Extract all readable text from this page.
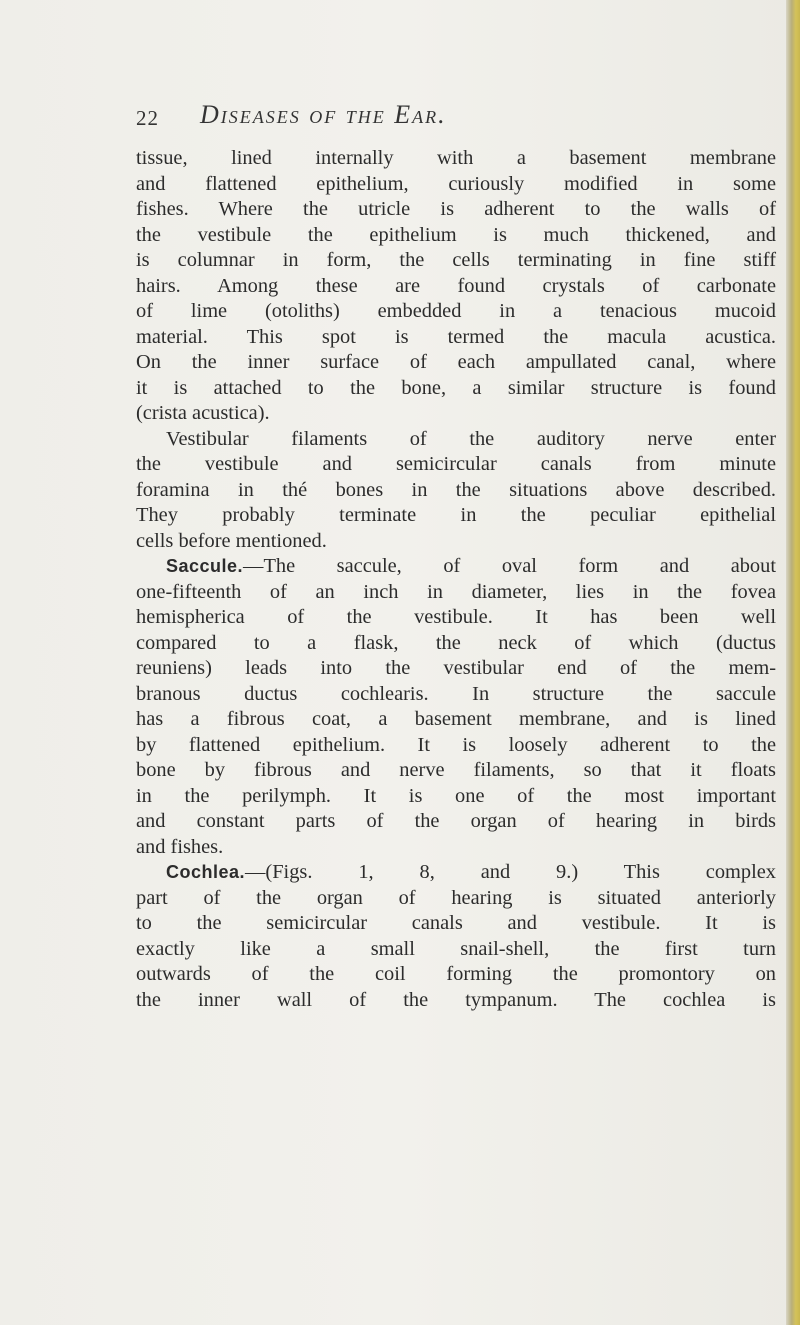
22 Diseases of the Ear.
tissue, lined internally with a basement membrane
and flattened epithelium, curiously modified in some
fishes. Where the utricle is adherent to the walls of
the vestibule the epithelium is much thickened, and
is columnar in form, the cells terminating in fine stiff
hairs. Among these are found crystals of carbonate
of lime (otoliths) embedded in a tenacious mucoid
material. This spot is termed the macula acustica.
On the inner surface of each ampullated canal, where
it is attached to the bone, a similar structure is found
(crista acustica).
Vestibular filaments of the auditory nerve enter
the vestibule and semicircular canals from minute
foramina in thé bones in the situations above described.
They probably terminate in the peculiar epithelial
cells before mentioned.
Saccule.—The saccule, of oval form and about
one-fifteenth of an inch in diameter, lies in the fovea
hemispherica of the vestibule. It has been well
compared to a flask, the neck of which (ductus
reuniens) leads into the vestibular end of the mem-
branous ductus cochlearis. In structure the saccule
has a fibrous coat, a basement membrane, and is lined
by flattened epithelium. It is loosely adherent to the
bone by fibrous and nerve filaments, so that it floats
in the perilymph. It is one of the most important
and constant parts of the organ of hearing in birds
and fishes.
Cochlea.—(Figs. 1, 8, and 9.) This complex
part of the organ of hearing is situated anteriorly
to the semicircular canals and vestibule. It is
exactly like a small snail-shell, the first turn
outwards of the coil forming the promontory on
the inner wall of the tympanum. The cochlea is
